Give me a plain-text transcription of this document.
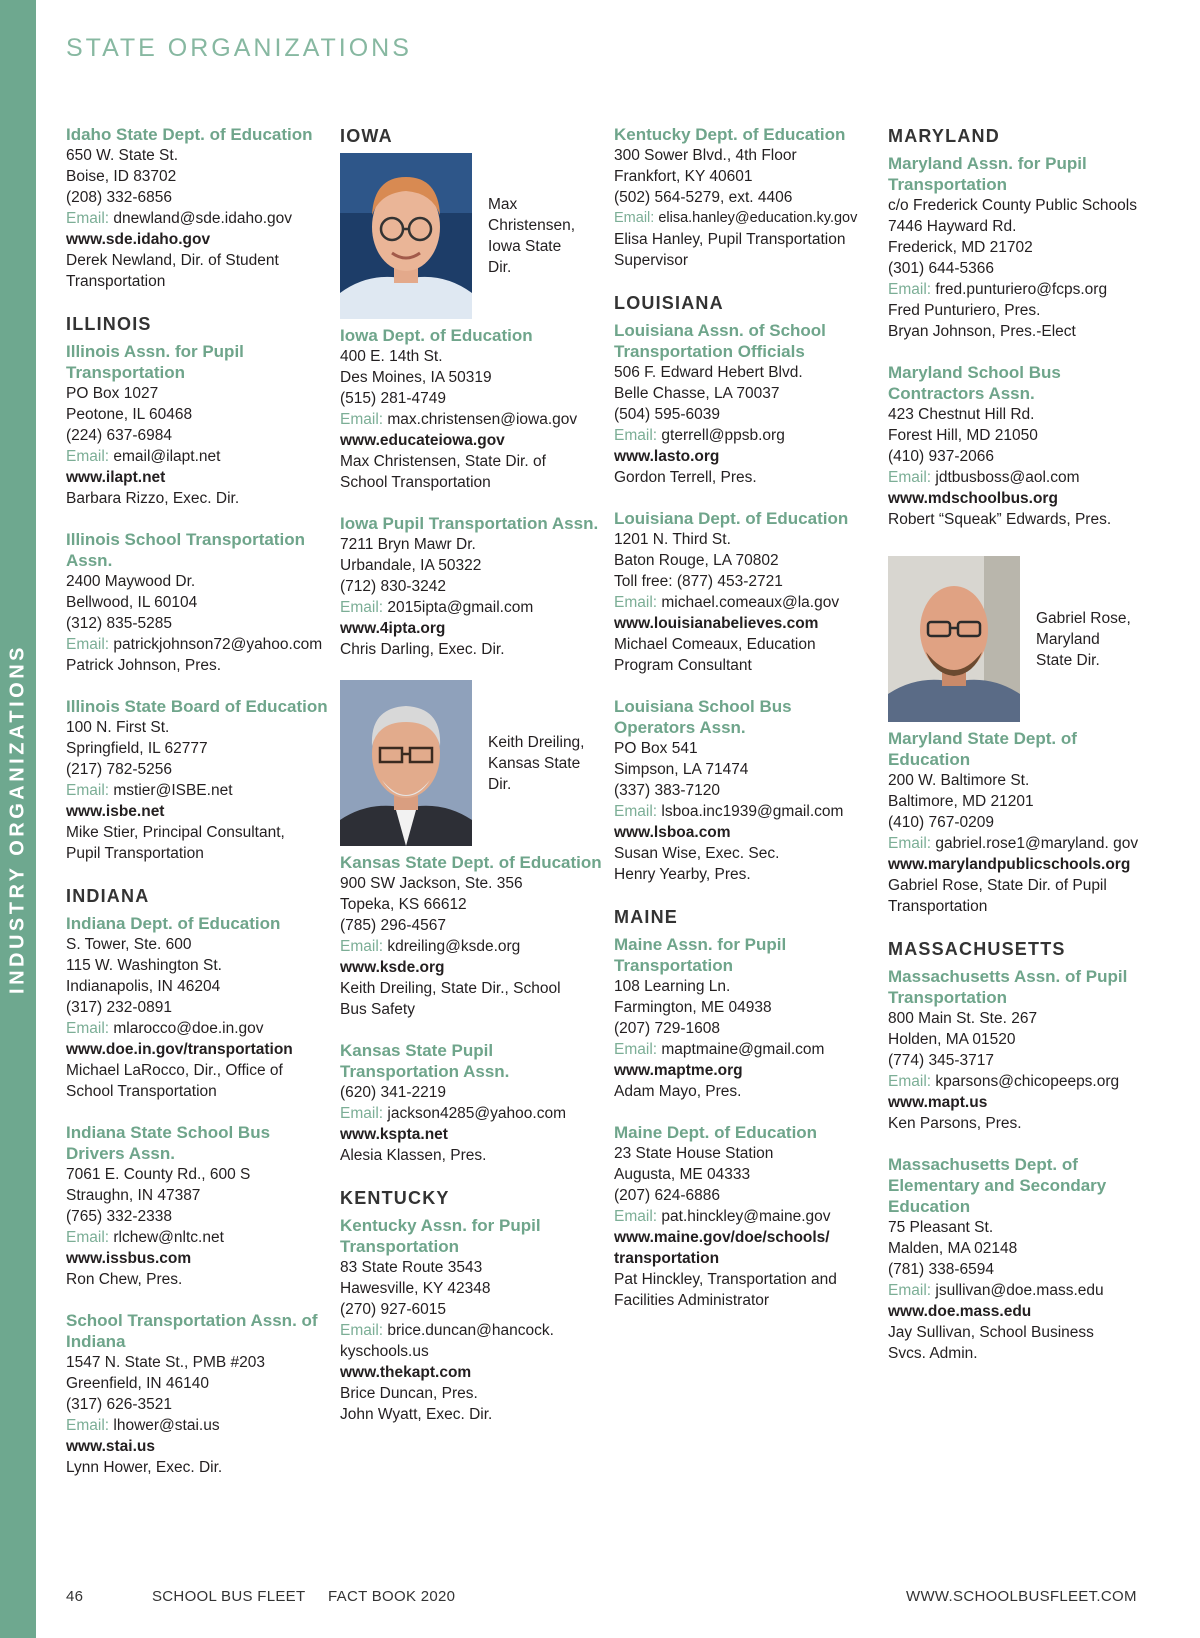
INDUSTRY ORGANIZATIONS
STATE ORGANIZATIONS
Idaho State Dept. of Education
650 W. State St.
Boise, ID 83702
(208) 332-6856
Email: dnewland@sde.idaho.gov
www.sde.idaho.gov
Derek Newland, Dir. of Student
Transportation
ILLINOIS
Illinois Assn. for Pupil Transportation
PO Box 1027
Peotone, IL 60468
(224) 637-6984
Email: email@ilapt.net
www.ilapt.net
Barbara Rizzo, Exec. Dir.
Illinois School Transportation Assn.
2400 Maywood Dr.
Bellwood, IL 60104
(312) 835-5285
Email: patrickjohnson72@yahoo.com
Patrick Johnson, Pres.
Illinois State Board of Education
100 N. First St.
Springfield, IL 62777
(217) 782-5256
Email: mstier@ISBE.net
www.isbe.net
Mike Stier, Principal Consultant,
Pupil Transportation
INDIANA
Indiana Dept. of Education
S. Tower, Ste. 600
115 W. Washington St.
Indianapolis, IN 46204
(317) 232-0891
Email: mlarocco@doe.in.gov
www.doe.in.gov/transportation
Michael LaRocco, Dir., Office of
School Transportation
Indiana State School Bus Drivers Assn.
7061 E. County Rd., 600 S
Straughn, IN 47387
(765) 332-2338
Email: rlchew@nltc.net
www.issbus.com
Ron Chew, Pres.
School Transportation Assn. of Indiana
1547 N. State St., PMB #203
Greenfield, IN 46140
(317) 626-3521
Email: lhower@stai.us
www.stai.us
Lynn Hower, Exec. Dir.
IOWA
Max
Christensen,
Iowa State
Dir.
Iowa Dept. of Education
400 E. 14th St.
Des Moines, IA 50319
(515) 281-4749
Email: max.christensen@iowa.gov
www.educateiowa.gov
Max Christensen, State Dir. of
School Transportation
Iowa Pupil Transportation Assn.
7211 Bryn Mawr Dr.
Urbandale, IA 50322
(712) 830-3242
Email: 2015ipta@gmail.com
www.4ipta.org
Chris Darling, Exec. Dir.
Keith Dreiling,
Kansas State
Dir.
Kansas State Dept. of Education
900 SW Jackson, Ste. 356
Topeka, KS 66612
(785) 296-4567
Email: kdreiling@ksde.org
www.ksde.org
Keith Dreiling, State Dir., School
Bus Safety
Kansas State Pupil Transportation Assn.
(620) 341-2219
Email: jackson4285@yahoo.com
www.kspta.net
Alesia Klassen, Pres.
KENTUCKY
Kentucky Assn. for Pupil Transportation
83 State Route 3543
Hawesville, KY 42348
(270) 927-6015
Email: brice.duncan@hancock.
kyschools.us
www.thekapt.com
Brice Duncan, Pres.
John Wyatt, Exec. Dir.
Kentucky Dept. of Education
300 Sower Blvd., 4th Floor
Frankfort, KY 40601
(502) 564-5279, ext. 4406
Email: elisa.hanley@education.ky.gov
Elisa Hanley, Pupil Transportation
Supervisor
LOUISIANA
Louisiana Assn. of School Transportation Officials
506 F. Edward Hebert Blvd.
Belle Chasse, LA 70037
(504) 595-6039
Email: gterrell@ppsb.org
www.lasto.org
Gordon Terrell, Pres.
Louisiana Dept. of Education
1201 N. Third St.
Baton Rouge, LA 70802
Toll free: (877) 453-2721
Email: michael.comeaux@la.gov
www.louisianabelieves.com
Michael Comeaux, Education
Program Consultant
Louisiana School Bus Operators Assn.
PO Box 541
Simpson, LA 71474
(337) 383-7120
Email: lsboa.inc1939@gmail.com
www.lsboa.com
Susan Wise, Exec. Sec.
Henry Yearby, Pres.
MAINE
Maine Assn. for Pupil Transportation
108 Learning Ln.
Farmington, ME 04938
(207) 729-1608
Email: maptmaine@gmail.com
www.maptme.org
Adam Mayo, Pres.
Maine Dept. of Education
23 State House Station
Augusta, ME 04333
(207) 624-6886
Email: pat.hinckley@maine.gov
www.maine.gov/doe/schools/
transportation
Pat Hinckley, Transportation and
Facilities Administrator
MARYLAND
Maryland Assn. for Pupil Transportation
c/o Frederick County Public Schools
7446 Hayward Rd.
Frederick, MD 21702
(301) 644-5366
Email: fred.punturiero@fcps.org
Fred Punturiero, Pres.
Bryan Johnson, Pres.-Elect
Maryland School Bus Contractors Assn.
423 Chestnut Hill Rd.
Forest Hill, MD 21050
(410) 937-2066
Email: jdtbusboss@aol.com
www.mdschoolbus.org
Robert “Squeak” Edwards, Pres.
Gabriel Rose,
Maryland
State Dir.
Maryland State Dept. of Education
200 W. Baltimore St.
Baltimore, MD 21201
(410) 767-0209
Email: gabriel.rose1@maryland. gov
www.marylandpublicschools.org
Gabriel Rose, State Dir. of Pupil
Transportation
MASSACHUSETTS
Massachusetts Assn. of Pupil Transportation
800 Main St. Ste. 267
Holden, MA 01520
(774) 345-3717
Email: kparsons@chicopeeps.org
www.mapt.us
Ken Parsons, Pres.
Massachusetts Dept. of Elementary and Secondary Education
75 Pleasant St.
Malden, MA 02148
(781) 338-6594
Email: jsullivan@doe.mass.edu
www.doe.mass.edu
Jay Sullivan, School Business
Svcs. Admin.
46	SCHOOL BUS FLEET FACT BOOK 2020	WWW.SCHOOLBUSFLEET.COM
